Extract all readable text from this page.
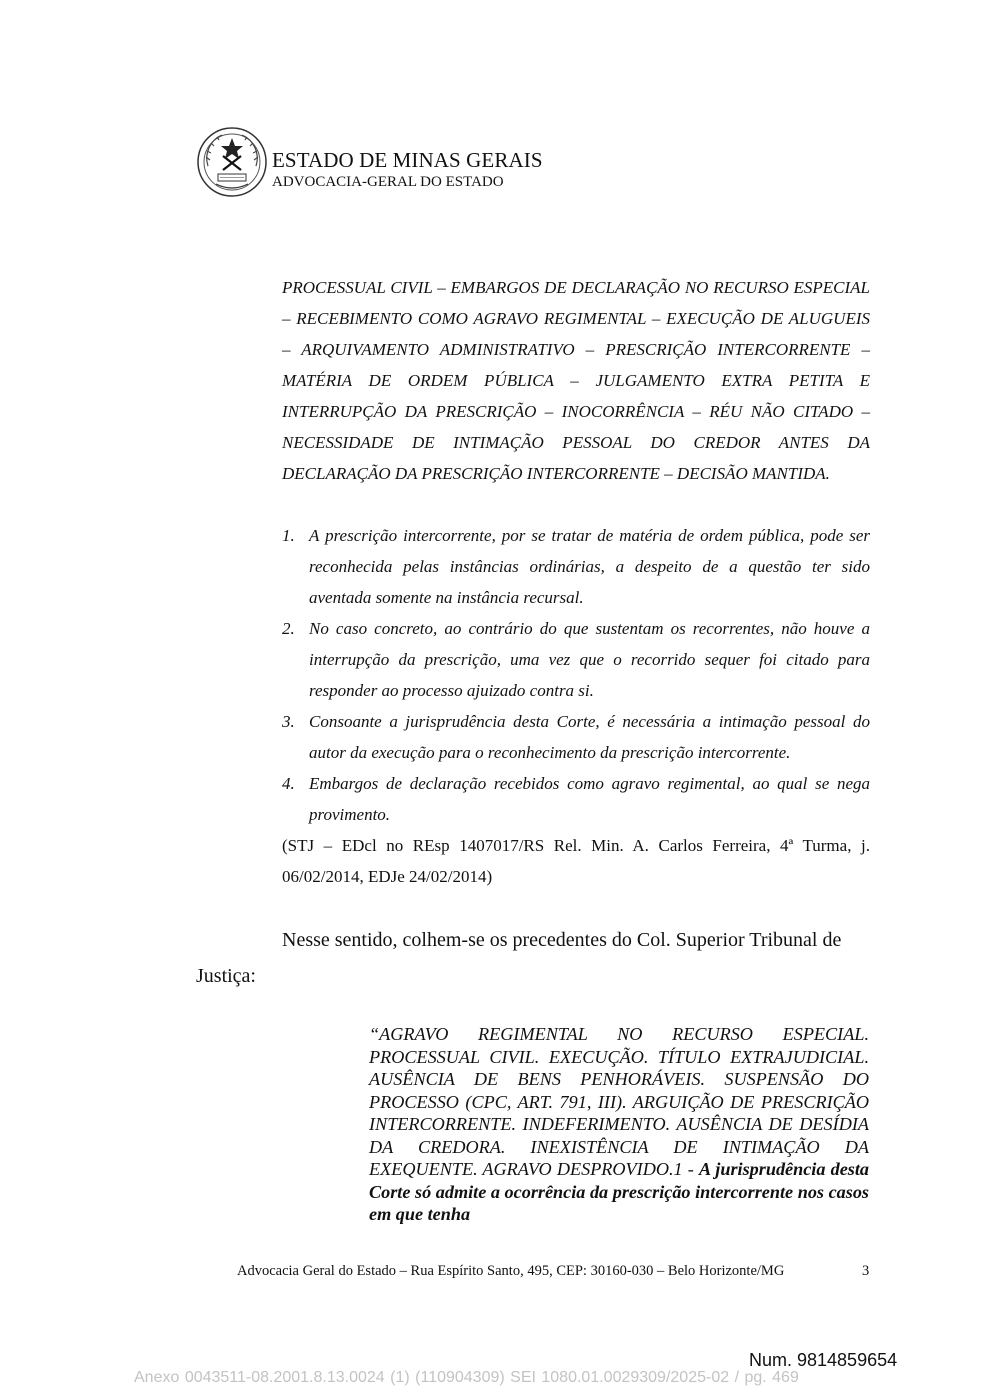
ESTADO DE MINAS GERAIS
ADVOCACIA-GERAL DO ESTADO

PROCESSUAL CIVIL – EMBARGOS DE DECLARAÇÃO NO RECURSO ESPECIAL – RECEBIMENTO COMO AGRAVO REGIMENTAL – EXECUÇÃO DE ALUGUEIS – ARQUIVAMENTO ADMINISTRATIVO – PRESCRIÇÃO INTERCORRENTE – MATÉRIA DE ORDEM PÚBLICA – JULGAMENTO EXTRA PETITA E INTERRUPÇÃO DA PRESCRIÇÃO – INOCORRÊNCIA – RÉU NÃO CITADO – NECESSIDADE DE INTIMAÇÃO PESSOAL DO CREDOR ANTES DA DECLARAÇÃO DA PRESCRIÇÃO INTERCORRENTE – DECISÃO MANTIDA.

1. A prescrição intercorrente, por se tratar de matéria de ordem pública, pode ser reconhecida pelas instâncias ordinárias, a despeito de a questão ter sido aventada somente na instância recursal.
2. No caso concreto, ao contrário do que sustentam os recorrentes, não houve a interrupção da prescrição, uma vez que o recorrido sequer foi citado para responder ao processo ajuizado contra si.
3. Consoante a jurisprudência desta Corte, é necessária a intimação pessoal do autor da execução para o reconhecimento da prescrição intercorrente.
4. Embargos de declaração recebidos como agravo regimental, ao qual se nega provimento.

(STJ – EDcl no REsp 1407017/RS Rel. Min. A. Carlos Ferreira, 4ª Turma, j. 06/02/2014, EDJe 24/02/2014)

Nesse sentido, colhem-se os precedentes do Col. Superior Tribunal de
Justiça:

“AGRAVO REGIMENTAL NO RECURSO ESPECIAL. PROCESSUAL CIVIL. EXECUÇÃO. TÍTULO EXTRAJUDICIAL. AUSÊNCIA DE BENS PENHORÁVEIS. SUSPENSÃO DO PROCESSO (CPC, ART. 791, III). ARGUIÇÃO DE PRESCRIÇÃO INTERCORRENTE. INDEFERIMENTO. AUSÊNCIA DE DESÍDIA DA CREDORA. INEXISTÊNCIA DE INTIMAÇÃO DA EXEQUENTE. AGRAVO DESPROVIDO.1 - A jurisprudência desta Corte só admite a ocorrência da prescrição intercorrente nos casos em que tenha

Advocacia Geral do Estado – Rua Espírito Santo, 495, CEP: 30160-030 – Belo Horizonte/MG	3
Num. 9814859654
Anexo 0043511-08.2001.8.13.0024 (1) (110904309) SEI 1080.01.0029309/2025-02 / pg. 469
